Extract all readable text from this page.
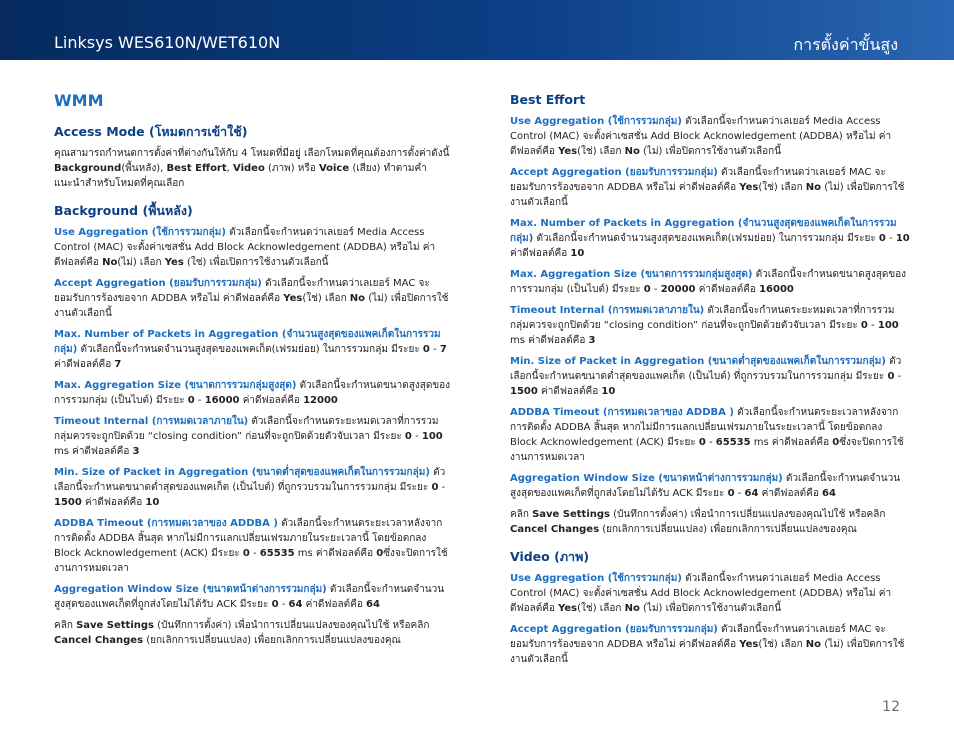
Linksys WES610N/WET610N	การตั้งค่าขั้นสูง
WMM
Access Mode (โหมดการเข้าใช้)

คุณสามารถกำหนดการตั้งค่าที่ต่างกันให้กับ 4 โหมดที่มีอยู่ เลือกโหมดที่คุณต้องการตั้งค่าดังนี้ Background(พื้นหลัง), Best Effort, Video (ภาพ) หรือ Voice (เสียง) ทำตามคำแนะนำสำหรับโหมดที่คุณเลือก

Background (พื้นหลัง)

Use Aggregation (ใช้การรวมกลุ่ม) ตัวเลือกนี้จะกำหนดว่าเลเยอร์ Media Access Control (MAC) จะตั้งค่าเซสชั่น Add Block Acknowledgement (ADDBA) หรือไม่ ค่าดีฟอลต์คือ No(ไม่) เลือก Yes (ใช่) เพื่อเปิดการใช้งานตัวเลือกนี้

Accept Aggregation (ยอมรับการรวมกลุ่ม) ตัวเลือกนี้จะกำหนดว่าเลเยอร์ MAC จะยอมรับการร้องขอจาก ADDBA หรือไม่ ค่าดีฟอลต์คือ Yes(ใช่) เลือก No (ไม่) เพื่อปิดการใช้งานตัวเลือกนี้

Max. Number of Packets in Aggregation (จำนวนสูงสุดของแพคเก็ตในการรวมกลุ่ม) ตัวเลือกนี้จะกำหนดจำนวนสูงสุดของแพคเก็ต(เฟรมย่อย) ในการรวมกลุ่ม มีระยะ 0 - 7 ค่าดีฟอลต์คือ 7

Max. Aggregation Size (ขนาดการรวมกลุ่มสูงสุด) ตัวเลือกนี้จะกำหนดขนาดสูงสุดของการรวมกลุ่ม (เป็นไบต์) มีระยะ 0 - 16000 ค่าดีฟอลต์คือ 12000

Timeout Internal (การหมดเวลาภายใน) ตัวเลือกนี้จะกำหนดระยะหมดเวลาที่การรวมกลุ่มควรจะถูกปิดด้วย “closing condition” ก่อนที่จะถูกปิดด้วยตัวจับเวลา มีระยะ 0 - 100 ms ค่าดีฟอลต์คือ 3

Min. Size of Packet in Aggregation (ขนาดต่ำสุดของแพคเก็ตในการรวมกลุ่ม) ตัวเลือกนี้จะกำหนดขนาดต่ำสุดของแพคเก็ต (เป็นไบต์) ที่ถูกรวบรวมในการรวมกลุ่ม มีระยะ 0 - 1500 ค่าดีฟอลต์คือ 10

ADDBA Timeout (การหมดเวลาของ ADDBA ) ตัวเลือกนี้จะกำหนดระยะเวลาหลังจากการติดตั้ง ADDBA สิ้นสุด หากไม่มีการแลกเปลี่ยนเฟรมภายในระยะเวลานี้ โดยข้อตกลง Block Acknowledgement (ACK) มีระยะ 0 - 65535 ms ค่าดีฟอลต์คือ 0ซึ่งจะปิดการใช้งานการหมดเวลา

Aggregation Window Size (ขนาดหน้าต่างการรวมกลุ่ม) ตัวเลือกนี้จะกำหนดจำนวนสูงสุดของแพคเก็ตที่ถูกส่งโดยไม่ได้รับ ACK มีระยะ 0 - 64 ค่าดีฟอลต์คือ 64

คลิก Save Settings (บันทึกการตั้งค่า) เพื่อนำการเปลี่ยนแปลงของคุณไปใช้ หรือคลิก Cancel Changes (ยกเลิกการเปลี่ยนแปลง) เพื่อยกเลิกการเปลี่ยนแปลงของคุณ

Best Effort

Use Aggregation (ใช้การรวมกลุ่ม) ตัวเลือกนี้จะกำหนดว่าเลเยอร์ Media Access Control (MAC) จะตั้งค่าเซสชั่น Add Block Acknowledgement (ADDBA) หรือไม่ ค่าดีฟอลต์คือ Yes(ใช่) เลือก No (ไม่) เพื่อปิดการใช้งานตัวเลือกนี้

Accept Aggregation (ยอมรับการรวมกลุ่ม) ตัวเลือกนี้จะกำหนดว่าเลเยอร์ MAC จะยอมรับการร้องขอจาก ADDBA หรือไม่ ค่าดีฟอลต์คือ Yes(ใช่) เลือก No (ไม่) เพื่อปิดการใช้งานตัวเลือกนี้

Max. Number of Packets in Aggregation (จำนวนสูงสุดของแพคเก็ตในการรวมกลุ่ม) ตัวเลือกนี้จะกำหนดจำนวนสูงสุดของแพคเก็ต(เฟรมย่อย) ในการรวมกลุ่ม มีระยะ 0 - 10 ค่าดีฟอลต์คือ 10

Max. Aggregation Size (ขนาดการรวมกลุ่มสูงสุด) ตัวเลือกนี้จะกำหนดขนาดสูงสุดของการรวมกลุ่ม (เป็นไบต์) มีระยะ 0 - 20000 ค่าดีฟอลต์คือ 16000

Timeout Internal (การหมดเวลาภายใน) ตัวเลือกนี้จะกำหนดระยะหมดเวลาที่การรวมกลุ่มควรจะถูกปิดด้วย “closing condition” ก่อนที่จะถูกปิดด้วยตัวจับเวลา มีระยะ 0 - 100 ms ค่าดีฟอลต์คือ 3

Min. Size of Packet in Aggregation (ขนาดต่ำสุดของแพคเก็ตในการรวมกลุ่ม) ตัวเลือกนี้จะกำหนดขนาดต่ำสุดของแพคเก็ต (เป็นไบต์) ที่ถูกรวบรวมในการรวมกลุ่ม มีระยะ 0 - 1500 ค่าดีฟอลต์คือ 10

ADDBA Timeout (การหมดเวลาของ ADDBA ) ตัวเลือกนี้จะกำหนดระยะเวลาหลังจากการติดตั้ง ADDBA สิ้นสุด หากไม่มีการแลกเปลี่ยนเฟรมภายในระยะเวลานี้ โดยข้อตกลง Block Acknowledgement (ACK) มีระยะ 0 - 65535 ms ค่าดีฟอลต์คือ 0ซึ่งจะปิดการใช้งานการหมดเวลา

Aggregation Window Size (ขนาดหน้าต่างการรวมกลุ่ม) ตัวเลือกนี้จะกำหนดจำนวนสูงสุดของแพคเก็ตที่ถูกส่งโดยไม่ได้รับ ACK มีระยะ 0 - 64 ค่าดีฟอลต์คือ 64

คลิก Save Settings (บันทึกการตั้งค่า) เพื่อนำการเปลี่ยนแปลงของคุณไปใช้ หรือคลิก Cancel Changes (ยกเลิกการเปลี่ยนแปลง) เพื่อยกเลิกการเปลี่ยนแปลงของคุณ

Video (ภาพ)

Use Aggregation (ใช้การรวมกลุ่ม) ตัวเลือกนี้จะกำหนดว่าเลเยอร์ Media Access Control (MAC) จะตั้งค่าเซสชั่น Add Block Acknowledgement (ADDBA) หรือไม่ ค่าดีฟอลต์คือ Yes(ใช่) เลือก No (ไม่) เพื่อปิดการใช้งานตัวเลือกนี้

Accept Aggregation (ยอมรับการรวมกลุ่ม) ตัวเลือกนี้จะกำหนดว่าเลเยอร์ MAC จะยอมรับการร้องขอจาก ADDBA หรือไม่ ค่าดีฟอลต์คือ Yes(ใช่) เลือก No (ไม่) เพื่อปิดการใช้งานตัวเลือกนี้

12
